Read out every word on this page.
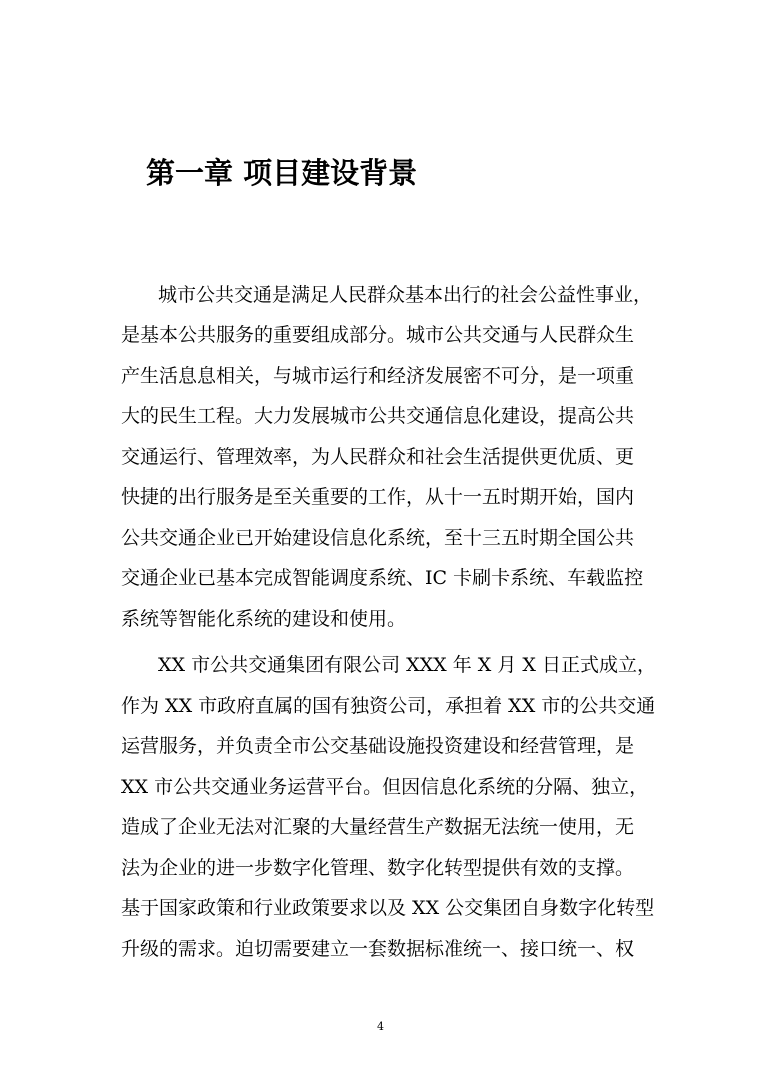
第一章 项目建设背景

城市公共交通是满足人民群众基本出行的社会公益性事业，

是基本公共服务的重要组成部分。城市公共交通与人民群众生

产生活息息相关，与城市运行和经济发展密不可分，是一项重

大的民生工程。大力发展城市公共交通信息化建设，提高公共

交通运行、管理效率，为人民群众和社会生活提供更优质、更

快捷的出行服务是至关重要的工作，从十一五时期开始，国内

公共交通企业已开始建设信息化系统，至十三五时期全国公共

交通企业已基本完成智能调度系统、IC 卡刷卡系统、车载监控

系统等智能化系统的建设和使用。

XX 市公共交通集团有限公司 XXX 年 X 月 X 日正式成立，

作为 XX 市政府直属的国有独资公司，承担着 XX 市的公共交通

运营服务，并负责全市公交基础设施投资建设和经营管理，是

XX 市公共交通业务运营平台。但因信息化系统的分隔、独立，

造成了企业无法对汇聚的大量经营生产数据无法统一使用，无

法为企业的进一步数字化管理、数字化转型提供有效的支撑。

基于国家政策和行业政策要求以及 XX 公交集团自身数字化转型

升级的需求。迫切需要建立一套数据标准统一、接口统一、权

4
